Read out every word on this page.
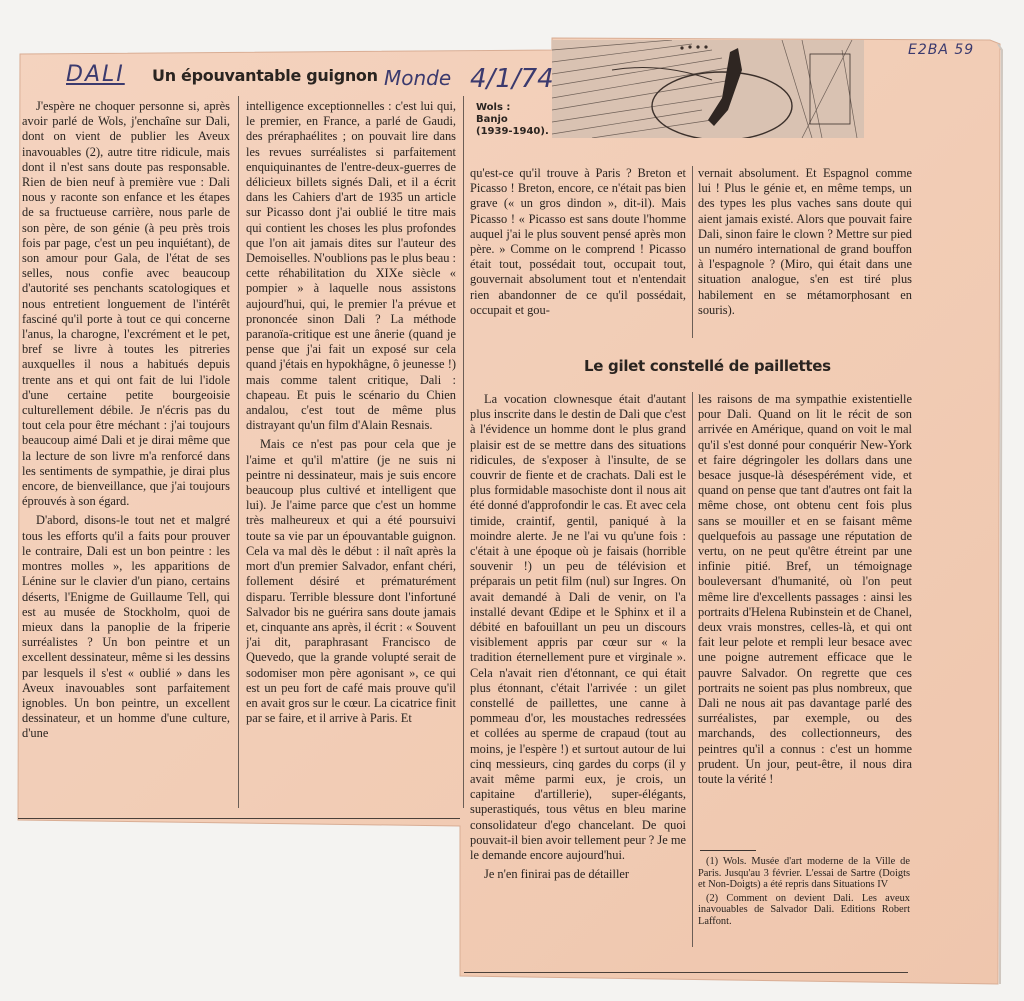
DALI	Monde 4/1/74
E2BA 59
Un épouvantable guignon
Le gilet constellé de paillettes
Wols :
Banjo
(1939-1940).

J'espère ne choquer personne si, après avoir parlé de Wols, j'enchaîne sur Dali, dont on vient de publier les Aveux inavouables (2), autre titre ridicule, mais dont il n'est sans doute pas responsable. Rien de bien neuf à première vue : Dali nous y raconte son enfance et les étapes de sa fructueuse carrière, nous parle de son père, de son génie (à peu près trois fois par page, c'est un peu inquiétant), de son amour pour Gala, de l'état de ses selles, nous confie avec beaucoup d'autorité ses penchants scatologiques et nous entretient longuement de l'intérêt fasciné qu'il porte à tout ce qui concerne l'anus, la charogne, l'excrément et le pet, bref se livre à toutes les pitreries auxquelles il nous a habitués depuis trente ans et qui ont fait de lui l'idole d'une certaine petite bourgeoisie culturellement débile. Je n'écris pas du tout cela pour être méchant : j'ai toujours beaucoup aimé Dali et je dirai même que la lecture de son livre m'a renforcé dans les sentiments de sympathie, je dirai plus encore, de bienveillance, que j'ai toujours éprouvés à son égard.

D'abord, disons-le tout net et malgré tous les efforts qu'il a faits pour prouver le contraire, Dali est un bon peintre : les montres molles », les apparitions de Lénine sur le clavier d'un piano, certains déserts, l'Enigme de Guillaume Tell, qui est au musée de Stockholm, quoi de mieux dans la panoplie de la friperie surréalistes ? Un bon peintre et un excellent dessinateur, même si les dessins par lesquels il s'est « oublié » dans les Aveux inavouables sont parfaitement ignobles. Un bon peintre, un excellent dessinateur, et un homme d'une culture, d'une

intelligence exceptionnelles : c'est lui qui, le premier, en France, a parlé de Gaudi, des préraphaélites ; on pouvait lire dans les revues surréalistes si parfaitement enquiquinantes de l'entre-deux-guerres de délicieux billets signés Dali, et il a écrit dans les Cahiers d'art de 1935 un article sur Picasso dont j'ai oublié le titre mais qui contient les choses les plus profondes que l'on ait jamais dites sur l'auteur des Demoiselles. N'oublions pas le plus beau : cette réhabilitation du XIXe siècle « pompier » à laquelle nous assistons aujourd'hui, qui, le premier l'a prévue et prononcée sinon Dali ? La méthode paranoïa-critique est une ânerie (quand je pense que j'ai fait un exposé sur cela quand j'étais en hypokhâgne, ô jeunesse !) mais comme talent critique, Dali : chapeau. Et puis le scénario du Chien andalou, c'est tout de même plus distrayant qu'un film d'Alain Resnais.

Mais ce n'est pas pour cela que je l'aime et qu'il m'attire (je ne suis ni peintre ni dessinateur, mais je suis encore beaucoup plus cultivé et intelligent que lui). Je l'aime parce que c'est un homme très malheureux et qui a été poursuivi toute sa vie par un épouvantable guignon. Cela va mal dès le début : il naît après la mort d'un premier Salvador, enfant chéri, follement désiré et prématurément disparu. Terrible blessure dont l'infortuné Salvador bis ne guérira sans doute jamais et, cinquante ans après, il écrit : « Souvent j'ai dit, paraphrasant Francisco de Quevedo, que la grande volupté serait de sodomiser mon père agonisant », ce qui est un peu fort de café mais prouve qu'il en avait gros sur le cœur. La cicatrice finit par se faire, et il arrive à Paris. Et

qu'est-ce qu'il trouve à Paris ? Breton et Picasso ! Breton, encore, ce n'était pas bien grave (« un gros dindon », dit-il). Mais Picasso ! « Picasso est sans doute l'homme auquel j'ai le plus souvent pensé après mon père. » Comme on le comprend ! Picasso était tout, possédait tout, occupait tout, gouvernait absolument tout et n'entendait rien abandonner de ce qu'il possédait, occupait et gou-

vernait absolument. Et Espagnol comme lui ! Plus le génie et, en même temps, un des types les plus vaches sans doute qui aient jamais existé. Alors que pouvait faire Dali, sinon faire le clown ? Mettre sur pied un numéro international de grand bouffon à l'espagnole ? (Miro, qui était dans une situation analogue, s'en est tiré plus habilement en se métamorphosant en souris).

La vocation clownesque était d'autant plus inscrite dans le destin de Dali que c'est à l'évidence un homme dont le plus grand plaisir est de se mettre dans des situations ridicules, de s'exposer à l'insulte, de se couvrir de fiente et de crachats. Dali est le plus formidable masochiste dont il nous ait été donné d'approfondir le cas. Et avec cela timide, craintif, gentil, paniqué à la moindre alerte. Je ne l'ai vu qu'une fois : c'était à une époque où je faisais (horrible souvenir !) un peu de télévision et préparais un petit film (nul) sur Ingres. On avait demandé à Dali de venir, on l'a installé devant Œdipe et le Sphinx et il a débité en bafouillant un peu un discours visiblement appris par cœur sur « la tradition éternellement pure et virginale ». Cela n'avait rien d'étonnant, ce qui était plus étonnant, c'était l'arrivée : un gilet constellé de paillettes, une canne à pommeau d'or, les moustaches redressées et collées au sperme de crapaud (tout au moins, je l'espère !) et surtout autour de lui cinq messieurs, cinq gardes du corps (il y avait même parmi eux, je crois, un capitaine d'artillerie), super-élégants, superastiqués, tous vêtus en bleu marine consolidateur d'ego chancelant. De quoi pouvait-il bien avoir tellement peur ? Je me le demande encore aujourd'hui.

Je n'en finirai pas de détailler

les raisons de ma sympathie existentielle pour Dali. Quand on lit le récit de son arrivée en Amérique, quand on voit le mal qu'il s'est donné pour conquérir New-York et faire dégringoler les dollars dans une besace jusque-là désespérément vide, et quand on pense que tant d'autres ont fait la même chose, ont obtenu cent fois plus sans se mouiller et en se faisant même quelquefois au passage une réputation de vertu, on ne peut qu'être étreint par une infinie pitié. Bref, un témoignage bouleversant d'humanité, où l'on peut même lire d'excellents passages : ainsi les portraits d'Helena Rubinstein et de Chanel, deux vrais monstres, celles-là, et qui ont fait leur pelote et rempli leur besace avec une poigne autrement efficace que le pauvre Salvador. On regrette que ces portraits ne soient pas plus nombreux, que Dali ne nous ait pas davantage parlé des surréalistes, par exemple, ou des marchands, des collectionneurs, des peintres qu'il a connus : c'est un homme prudent. Un jour, peut-être, il nous dira toute la vérité !

(1) Wols. Musée d'art moderne de la Ville de Paris. Jusqu'au 3 février. L'essai de Sartre (Doigts et Non-Doigts) a été repris dans Situations IV

(2) Comment on devient Dali. Les aveux inavouables de Salvador Dali. Editions Robert Laffont.
